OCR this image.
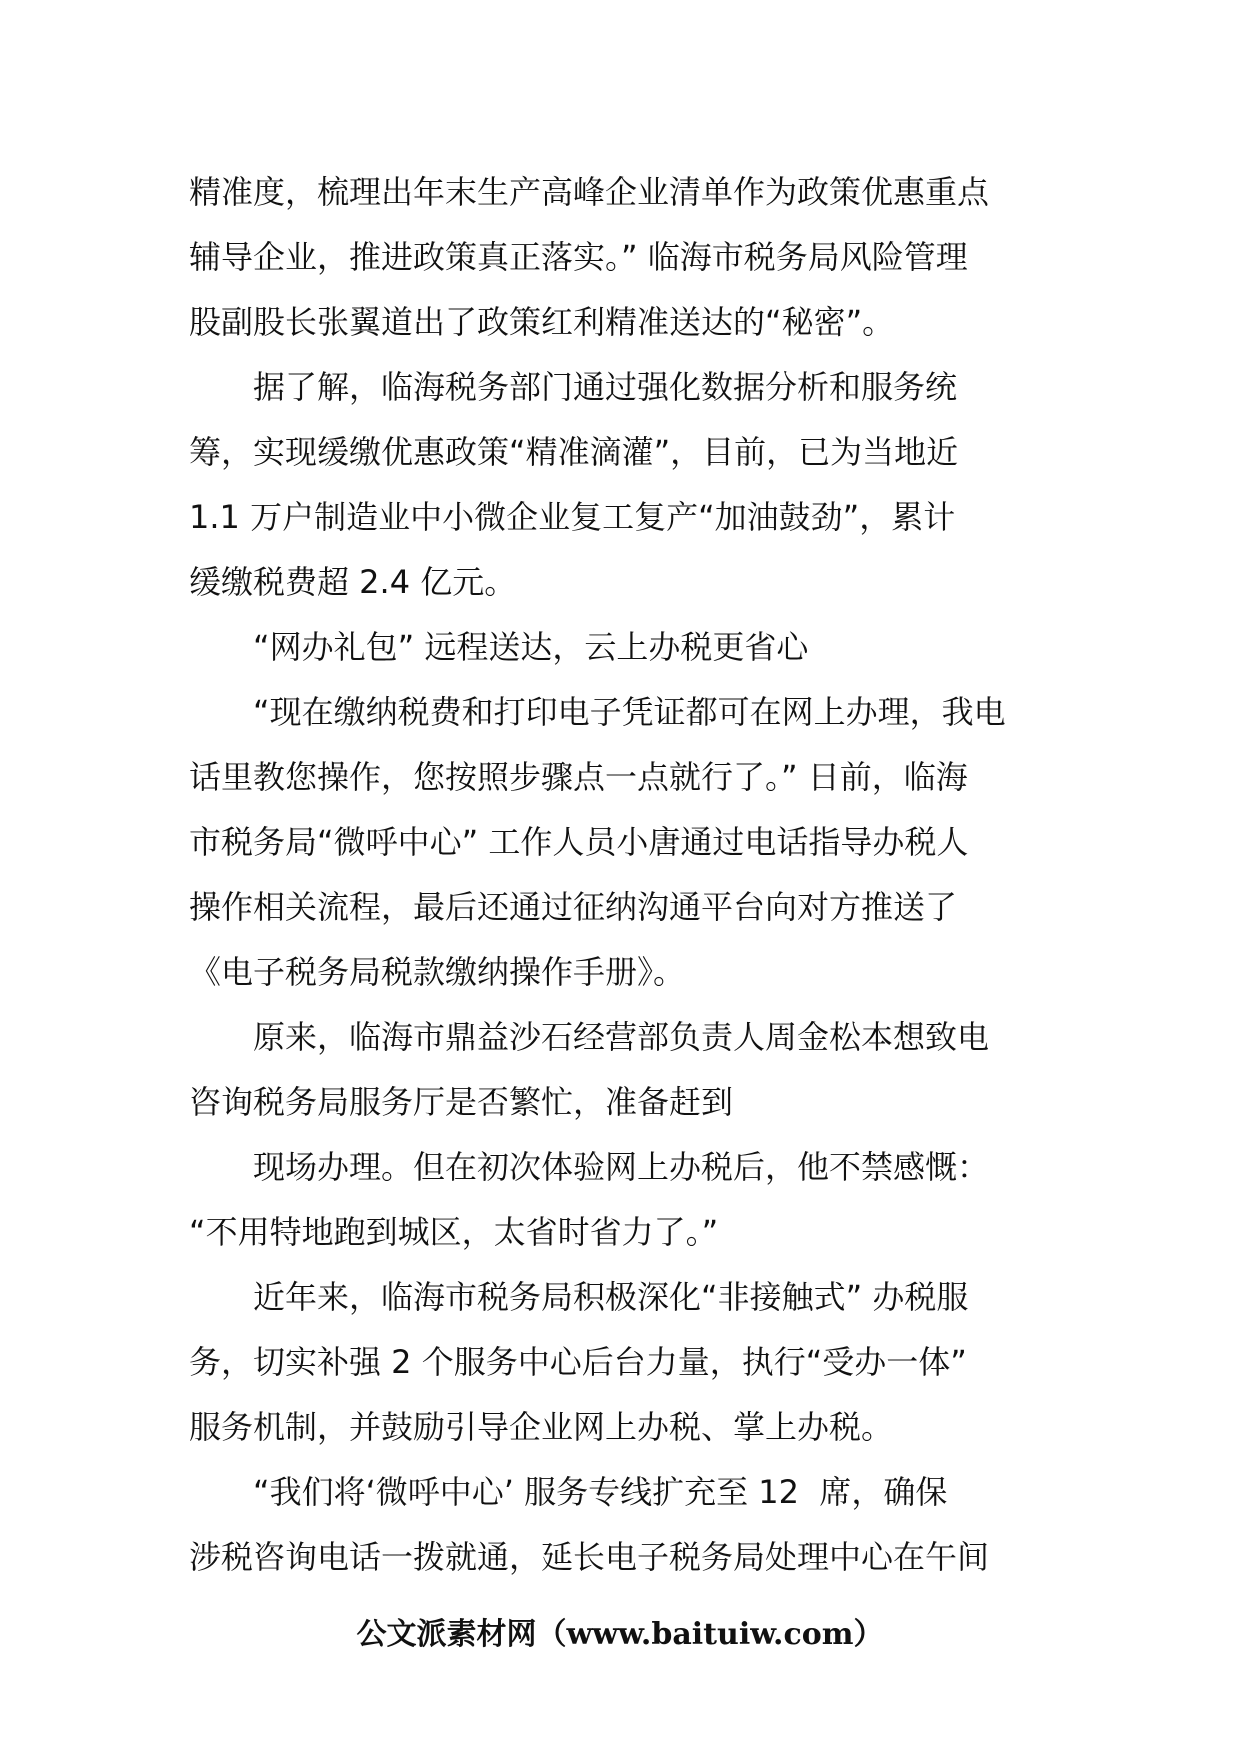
精准度，梳理出年末生产高峰企业清单作为政策优惠重点
辅导企业，推进政策真正落实。” 临海市税务局风险管理
股副股长张翼道出了政策红利精准送达的“秘密”。
据了解，临海税务部门通过强化数据分析和服务统
筹，实现缓缴优惠政策“精准滴灌”，目前，已为当地近
1.1 万户制造业中小微企业复工复产“加油鼓劲”，累计
缓缴税费超 2.4 亿元。
“网办礼包” 远程送达，云上办税更省心
“现在缴纳税费和打印电子凭证都可在网上办理，我电
话里教您操作，您按照步骤点一点就行了。” 日前，临海
市税务局“微呼中心” 工作人员小唐通过电话指导办税人
操作相关流程，最后还通过征纳沟通平台向对方推送了
《电子税务局税款缴纳操作手册》。
原来，临海市鼎益沙石经营部负责人周金松本想致电
咨询税务局服务厅是否繁忙，准备赶到
现场办理。但在初次体验网上办税后，他不禁感慨：
“不用特地跑到城区，太省时省力了。”
近年来，临海市税务局积极深化“非接触式” 办税服
务，切实补强 2 个服务中心后台力量，执行“受办一体”
服务机制，并鼓励引导企业网上办税、掌上办税。
“我们将‘微呼中心’ 服务专线扩充至 12  席，确保
涉税咨询电话一拨就通，延长电子税务局处理中心在午间
公文派素材网（www.baituiw.com）
